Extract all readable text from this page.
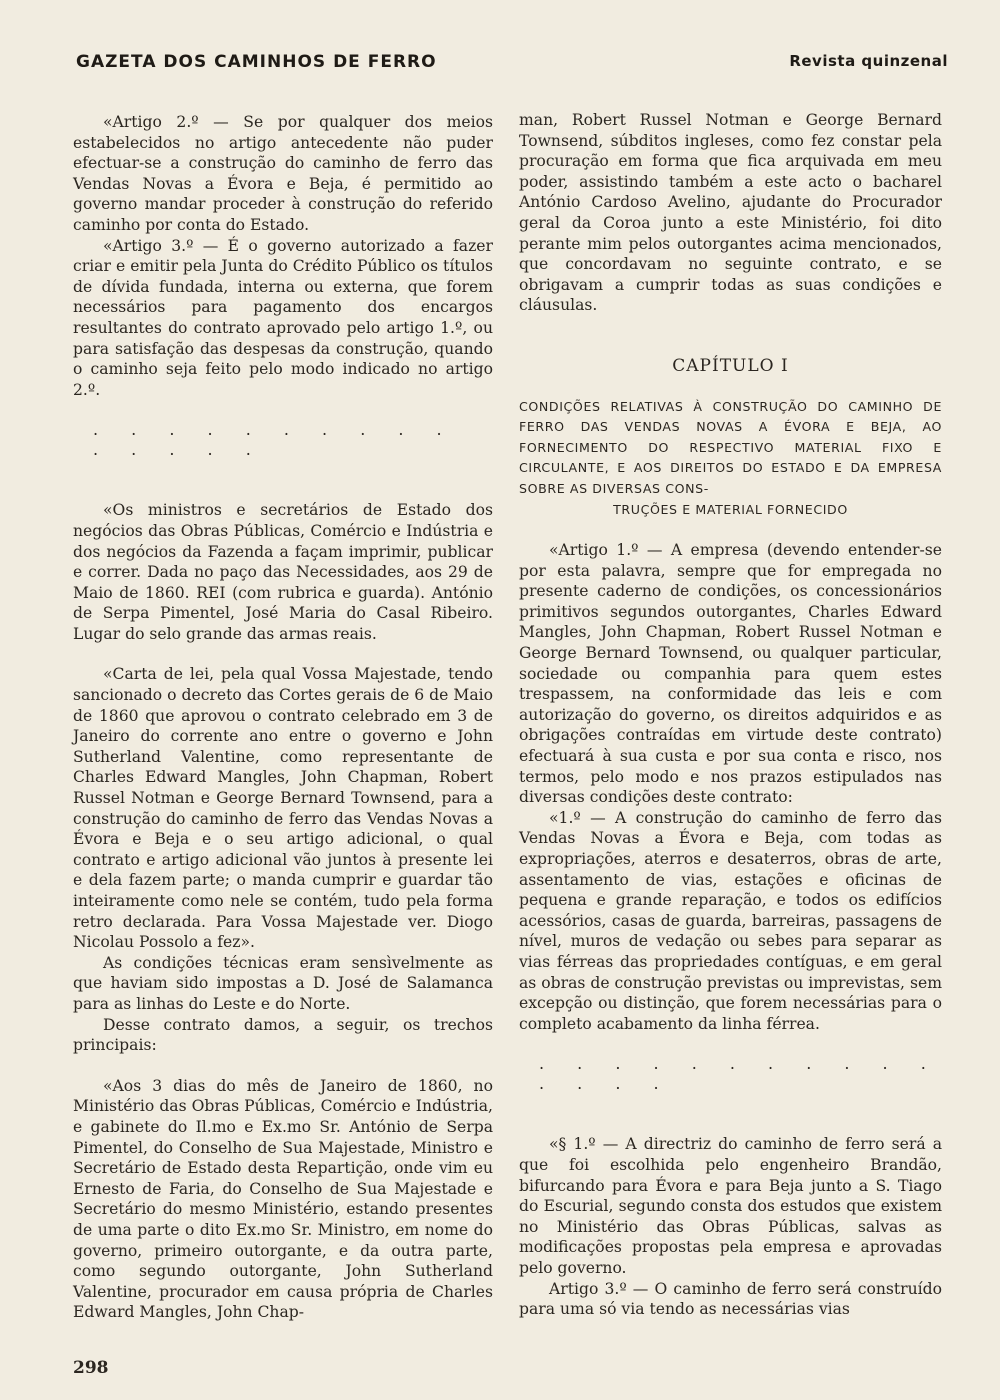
GAZETA DOS CAMINHOS DE FERRO	Revista quinzenal

«Artigo 2.º — Se por qualquer dos meios estabelecidos no artigo antecedente não puder efectuar-se a construção do caminho de ferro das Vendas Novas a Évora e Beja, é permitido ao governo mandar proceder à construção do referido caminho por conta do Estado.

«Artigo 3.º — É o governo autorizado a fazer criar e emitir pela Junta do Crédito Público os títulos de dívida fundada, interna ou externa, que forem necessários para pagamento dos encargos resultantes do contrato aprovado pelo artigo 1.º, ou para satisfação das despesas da construção, quando o caminho seja feito pelo modo indicado no artigo 2.º.

. . . . . . . . . . . . . . .

«Os ministros e secretários de Estado dos negócios das Obras Públicas, Comércio e Indústria e dos negócios da Fazenda a façam imprimir, publicar e correr. Dada no paço das Necessidades, aos 29 de Maio de 1860. REI (com rubrica e guarda). António de Serpa Pimentel, José Maria do Casal Ribeiro. Lugar do selo grande das armas reais.

«Carta de lei, pela qual Vossa Majestade, tendo sancionado o decreto das Cortes gerais de 6 de Maio de 1860 que aprovou o contrato celebrado em 3 de Janeiro do corrente ano entre o governo e John Sutherland Valentine, como representante de Charles Edward Mangles, John Chapman, Robert Russel Notman e George Bernard Townsend, para a construção do caminho de ferro das Vendas Novas a Évora e Beja e o seu artigo adicional, o qual contrato e artigo adicional vão juntos à presente lei e dela fazem parte; o manda cumprir e guardar tão inteiramente como nele se contém, tudo pela forma retro declarada. Para Vossa Majestade ver. Diogo Nicolau Possolo a fez».

As condições técnicas eram sensìvelmente as que haviam sido impostas a D. José de Salamanca para as linhas do Leste e do Norte.

Desse contrato damos, a seguir, os trechos principais:

«Aos 3 dias do mês de Janeiro de 1860, no Ministério das Obras Públicas, Comércio e Indústria, e gabinete do Il.mo e Ex.mo Sr. António de Serpa Pimentel, do Conselho de Sua Majestade, Ministro e Secretário de Estado desta Repartição, onde vim eu Ernesto de Faria, do Conselho de Sua Majestade e Secretário do mesmo Ministério, estando presentes de uma parte o dito Ex.mo Sr. Ministro, em nome do governo, primeiro outorgante, e da outra parte, como segundo outorgante, John Sutherland Valentine, procurador em causa própria de Charles Edward Mangles, John Chap-

man, Robert Russel Notman e George Bernard Townsend, súbditos ingleses, como fez constar pela procuração em forma que fica arquivada em meu poder, assistindo também a este acto o bacharel António Cardoso Avelino, ajudante do Procurador geral da Coroa junto a este Ministério, foi dito perante mim pelos outorgantes acima mencionados, que concordavam no seguinte contrato, e se obrigavam a cumprir todas as suas condições e cláusulas.

CAPÍTULO I

CONDIÇÕES RELATIVAS À CONSTRUÇÃO DO CAMINHO DE FERRO DAS VENDAS NOVAS A ÉVORA E BEJA, AO FORNECIMENTO DO RESPECTIVO MATERIAL FIXO E CIRCULANTE, E AOS DIREITOS DO ESTADO E DA EMPRESA SOBRE AS DIVERSAS CONS-

TRUÇÕES E MATERIAL FORNECIDO

«Artigo 1.º — A empresa (devendo entender-se por esta palavra, sempre que for empregada no presente caderno de condições, os concessionários primitivos segundos outorgantes, Charles Edward Mangles, John Chapman, Robert Russel Notman e George Bernard Townsend, ou qualquer particular, sociedade ou companhia para quem estes trespassem, na conformidade das leis e com autorização do governo, os direitos adquiridos e as obrigações contraídas em virtude deste contrato) efectuará à sua custa e por sua conta e risco, nos termos, pelo modo e nos prazos estipulados nas diversas condições deste contrato:

«1.º — A construção do caminho de ferro das Vendas Novas a Évora e Beja, com todas as expropriações, aterros e desaterros, obras de arte, assentamento de vias, estações e oficinas de pequena e grande reparação, e todos os edifícios acessórios, casas de guarda, barreiras, passagens de nível, muros de vedação ou sebes para separar as vias férreas das propriedades contíguas, e em geral as obras de construção previstas ou imprevistas, sem excepção ou distinção, que forem necessárias para o completo acabamento da linha férrea.

. . . . . . . . . . . . . . .

«§ 1.º — A directriz do caminho de ferro será a que foi escolhida pelo engenheiro Brandão, bifurcando para Évora e para Beja junto a S. Tiago do Escurial, segundo consta dos estudos que existem no Ministério das Obras Públicas, salvas as modificações propostas pela empresa e aprovadas pelo governo.

Artigo 3.º — O caminho de ferro será construído para uma só via tendo as necessárias vias

298
